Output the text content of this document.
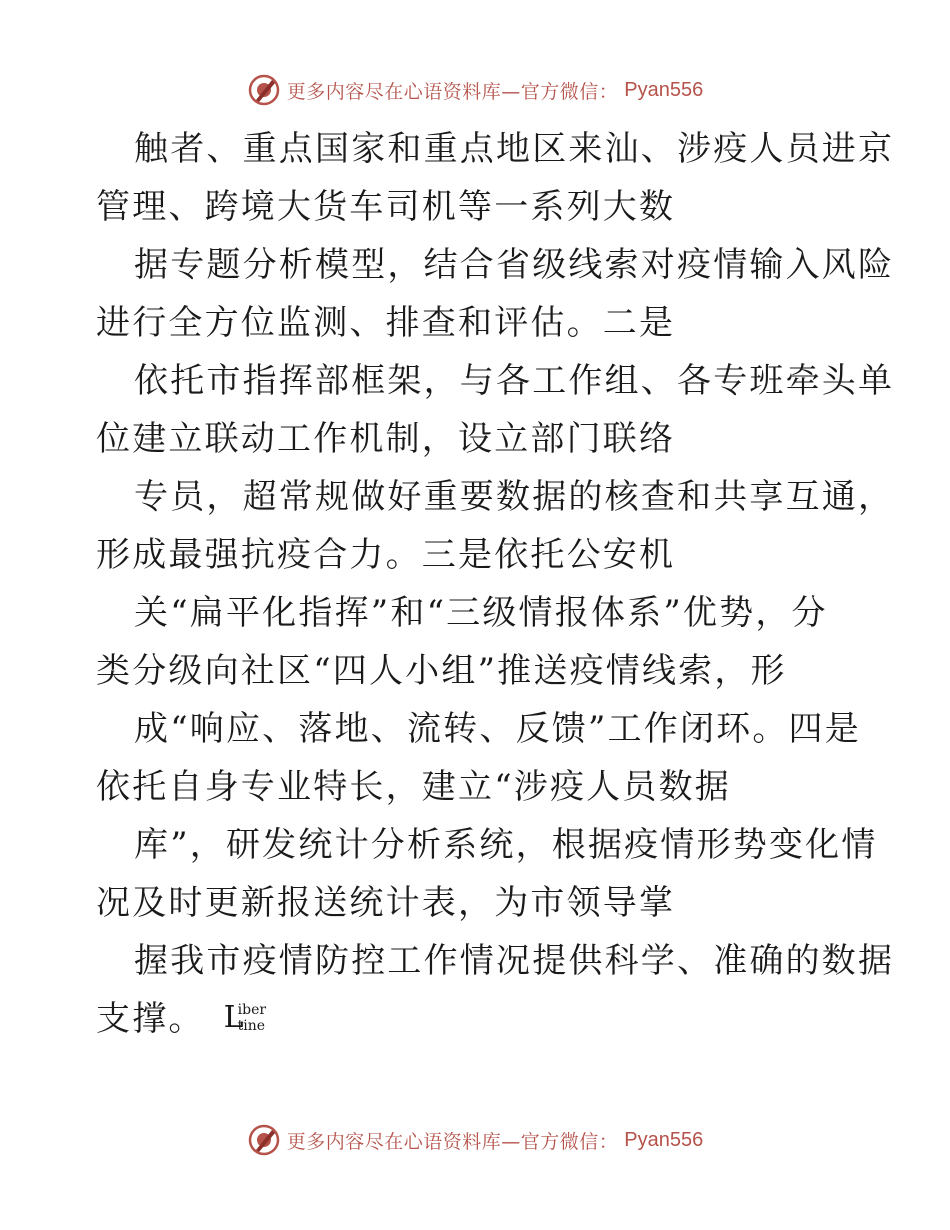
更多内容尽在心语资料库—官方微信： Pyan556
触者、重点国家和重点地区来汕、涉疫人员进京
管理、跨境大货车司机等一系列大数
据专题分析模型，结合省级线索对疫情输入风险
进行全方位监测、排查和评估。二是
依托市指挥部框架，与各工作组、各专班牵头单
位建立联动工作机制，设立部门联络
专员，超常规做好重要数据的核查和共享互通，
形成最强抗疫合力。三是依托公安机
关“扁平化指挥”和“三级情报体系”优势，分
类分级向社区“四人小组”推送疫情线索，形
成“响应、落地、流转、反馈”工作闭环。四是
依托自身专业特长，建立“涉疫人员数据
库”，研发统计分析系统，根据疫情形势变化情
况及时更新报送统计表，为市领导掌
握我市疫情防控工作情况提供科学、准确的数据
支撑。 L
iber
tine
更多内容尽在心语资料库—官方微信： Pyan556
